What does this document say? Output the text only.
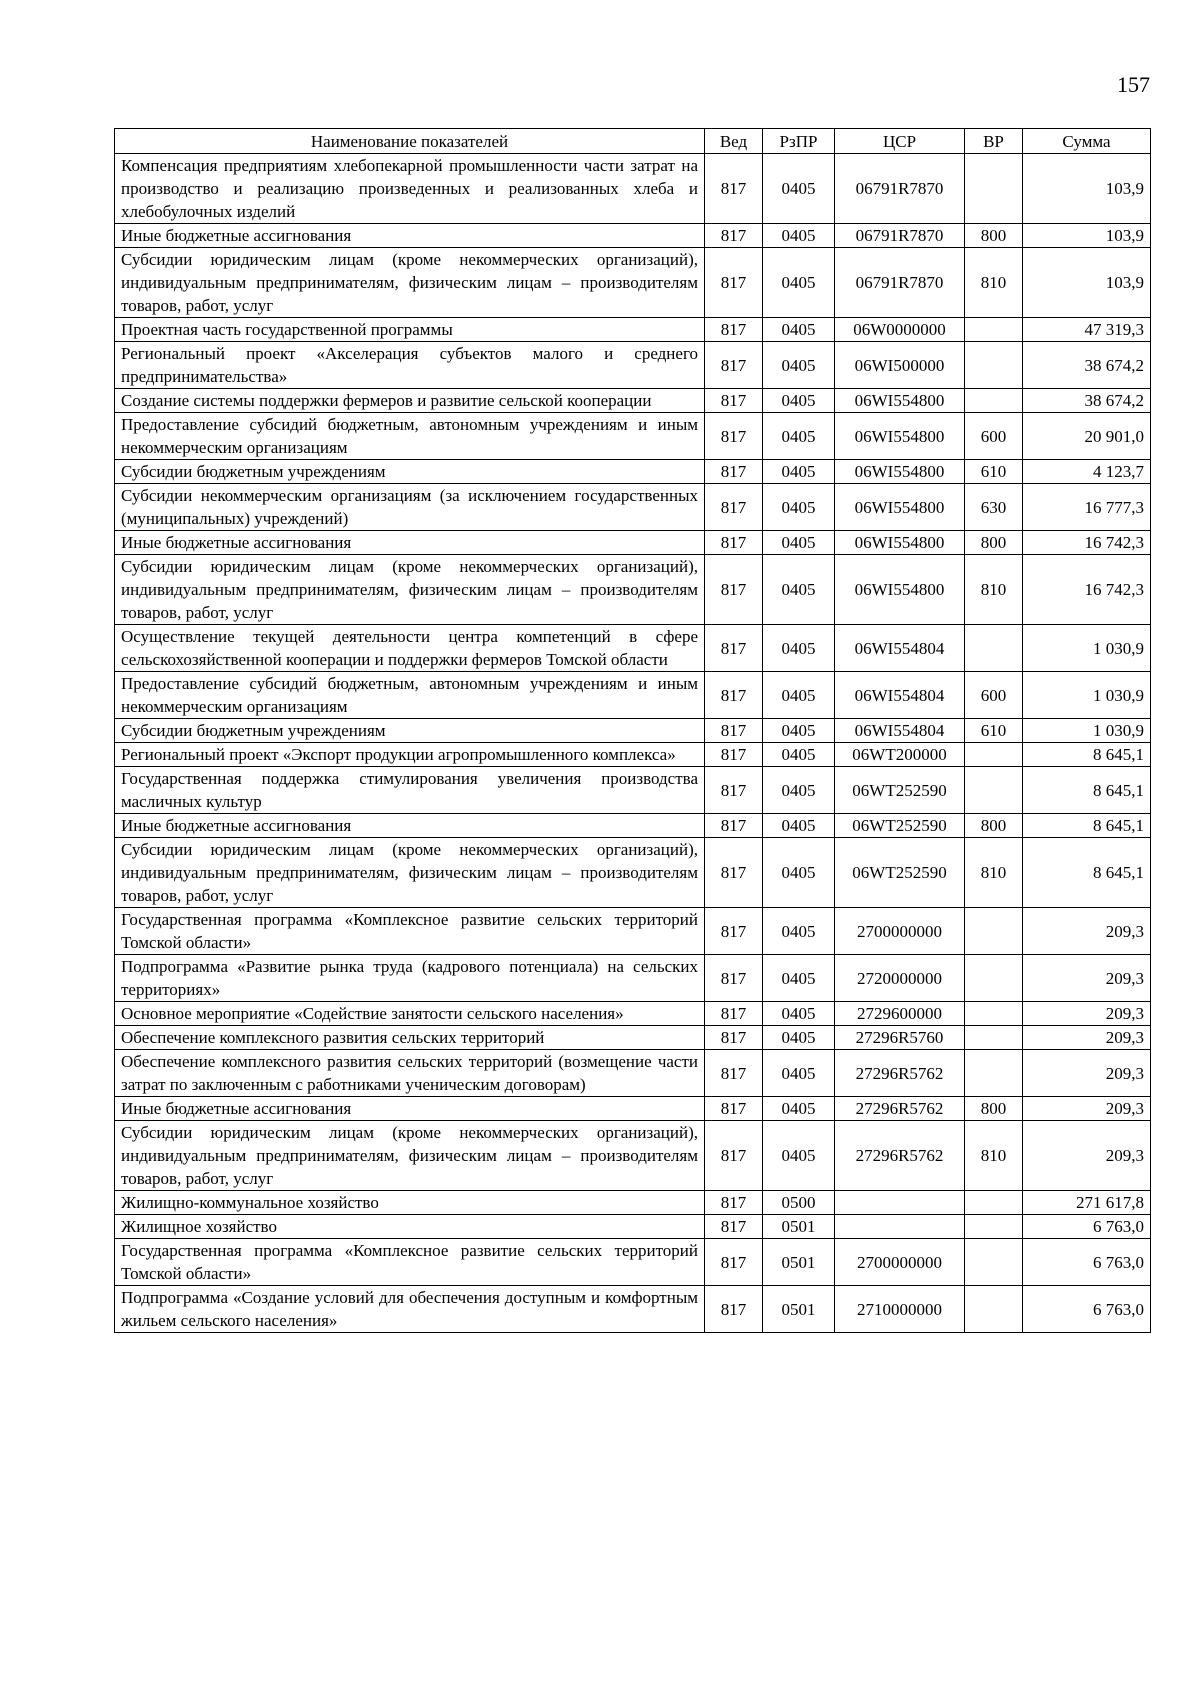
157
Наименование показателей	Вед	РзПР	ЦСР	ВР	Сумма
Компенсация предприятиям хлебопекарной промышленности части затрат на производство и реализацию произведенных и реализованных хлеба и хлебобулочных изделий	817	0405	06791R7870		103,9
Иные бюджетные ассигнования	817	0405	06791R7870	800	103,9
Субсидии юридическим лицам (кроме некоммерческих организаций), индивидуальным предпринимателям, физическим лицам – производителям товаров, работ, услуг	817	0405	06791R7870	810	103,9
Проектная часть государственной программы	817	0405	06W0000000		47 319,3
Региональный проект «Акселерация субъектов малого и среднего предпринимательства»	817	0405	06WI500000		38 674,2
Создание системы поддержки фермеров и развитие сельской кооперации	817	0405	06WI554800		38 674,2
Предоставление субсидий бюджетным, автономным учреждениям и иным некоммерческим организациям	817	0405	06WI554800	600	20 901,0
Субсидии бюджетным учреждениям	817	0405	06WI554800	610	4 123,7
Субсидии некоммерческим организациям (за исключением государственных (муниципальных) учреждений)	817	0405	06WI554800	630	16 777,3
Иные бюджетные ассигнования	817	0405	06WI554800	800	16 742,3
Субсидии юридическим лицам (кроме некоммерческих организаций), индивидуальным предпринимателям, физическим лицам – производителям товаров, работ, услуг	817	0405	06WI554800	810	16 742,3
Осуществление текущей деятельности центра компетенций в сфере сельскохозяйственной кооперации и поддержки фермеров Томской области	817	0405	06WI554804		1 030,9
Предоставление субсидий бюджетным, автономным учреждениям и иным некоммерческим организациям	817	0405	06WI554804	600	1 030,9
Субсидии бюджетным учреждениям	817	0405	06WI554804	610	1 030,9
Региональный проект «Экспорт продукции агропромышленного комплекса»	817	0405	06WT200000		8 645,1
Государственная поддержка стимулирования увеличения производства масличных культур	817	0405	06WT252590		8 645,1
Иные бюджетные ассигнования	817	0405	06WT252590	800	8 645,1
Субсидии юридическим лицам (кроме некоммерческих организаций), индивидуальным предпринимателям, физическим лицам – производителям товаров, работ, услуг	817	0405	06WT252590	810	8 645,1
Государственная программа «Комплексное развитие сельских территорий Томской области»	817	0405	2700000000		209,3
Подпрограмма «Развитие рынка труда (кадрового потенциала) на сельских территориях»	817	0405	2720000000		209,3
Основное мероприятие «Содействие занятости сельского населения»	817	0405	2729600000		209,3
Обеспечение комплексного развития сельских территорий	817	0405	27296R5760		209,3
Обеспечение комплексного развития сельских территорий (возмещение части затрат по заключенным с работниками ученическим договорам)	817	0405	27296R5762		209,3
Иные бюджетные ассигнования	817	0405	27296R5762	800	209,3
Субсидии юридическим лицам (кроме некоммерческих организаций), индивидуальным предпринимателям, физическим лицам – производителям товаров, работ, услуг	817	0405	27296R5762	810	209,3
Жилищно-коммунальное хозяйство	817	0500			271 617,8
Жилищное хозяйство	817	0501			6 763,0
Государственная программа «Комплексное развитие сельских территорий Томской области»	817	0501	2700000000		6 763,0
Подпрограмма «Создание условий для обеспечения доступным и комфортным жильем сельского населения»	817	0501	2710000000		6 763,0
